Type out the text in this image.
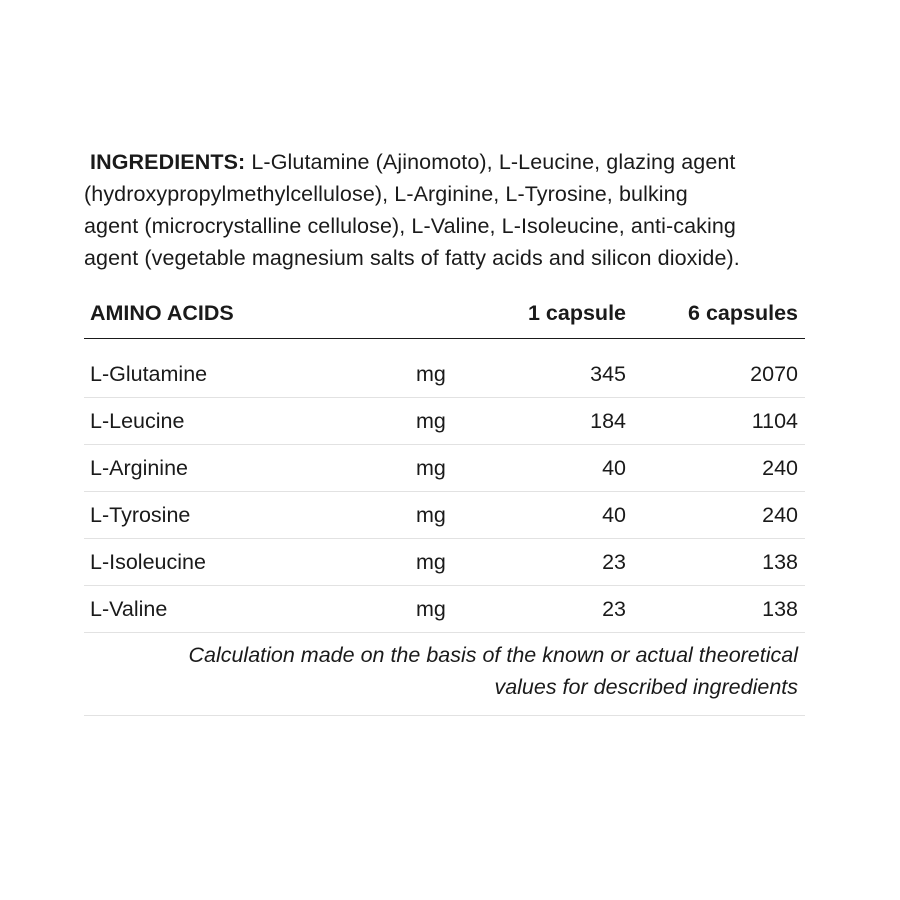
INGREDIENTS: L-Glutamine (Ajinomoto), L-Leucine, glazing agent
(hydroxypropylmethylcellulose), L-Arginine, L-Tyrosine, bulking
agent (microcrystalline cellulose), L-Valine, L-Isoleucine, anti-caking
agent (vegetable magnesium salts of fatty acids and silicon dioxide).
AMINO ACIDS		1 capsule	6 capsules
L-Glutamine	mg	345	2070
L-Leucine	mg	184	1104
L-Arginine	mg	40	240
L-Tyrosine	mg	40	240
L-Isoleucine	mg	23	138
L-Valine	mg	23	138

Calculation made on the basis of the known or actual theoretical
values for described ingredients			
